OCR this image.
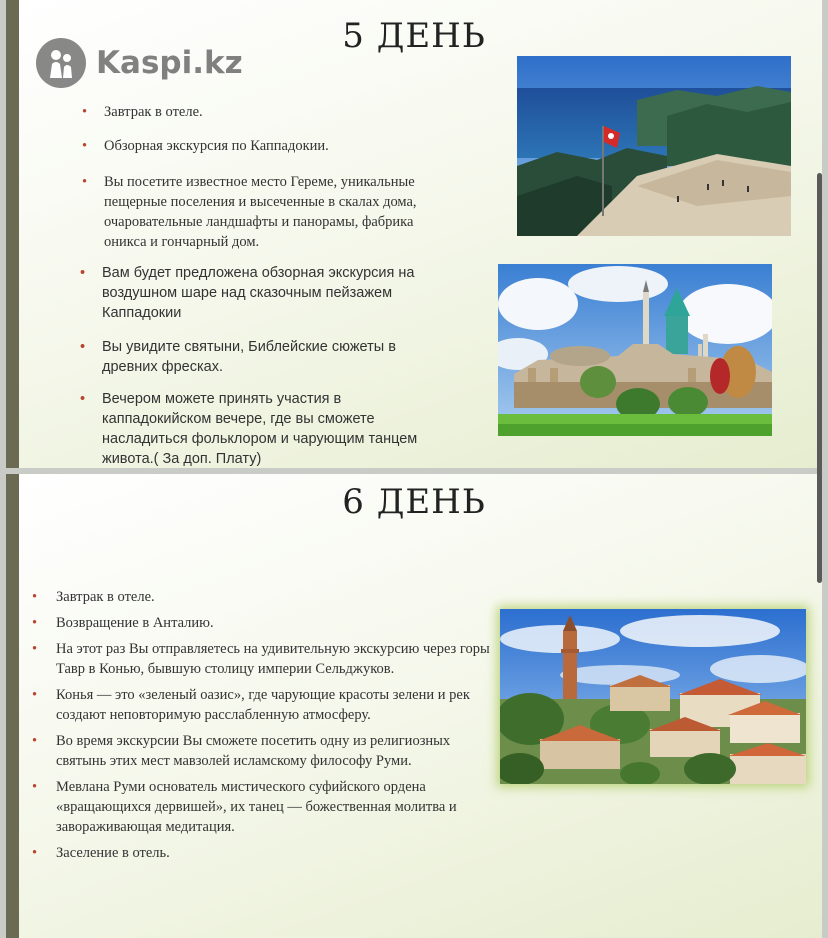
5 ДЕНЬ
• Завтрак в отеле.
• Обзорная экскурсия по Каппадокии.
• Вы посетите известное место Гереме, уникальные пещерные поселения и высеченные в скалах дома, очаровательные ландшафты и панорамы, фабрика оникса и гончарный дом.
• Вам будет предложена обзорная экскурсия на воздушном шаре над сказочным пейзажем Каппадокии
• Вы увидите святыни, Библейские сюжеты в древних фресках.
• Вечером можете принять участия в каппадокийском вечере, где вы сможете насладиться фольклором и чарующим танцем живота.( За доп. Плату)
6 ДЕНЬ
• Завтрак в отеле.
• Возвращение в Анталию.
• На этот раз Вы отправляетесь на удивительную экскурсию через горы Тавр в Конью, бывшую столицу империи Сельджуков.
• Конья — это «зеленый оазис», где чарующие красоты зелени и рек создают неповторимую расслабленную атмосферу.
• Во время экскурсии Вы сможете посетить одну из религиозных святынь этих мест мавзолей исламскому философу Руми.
• Мевлана Руми основатель мистического суфийского ордена «вращающихся дервишей», их танец — божественная молитва и завораживающая медитация.
• Заселение в отель.
Kaspi.kz
